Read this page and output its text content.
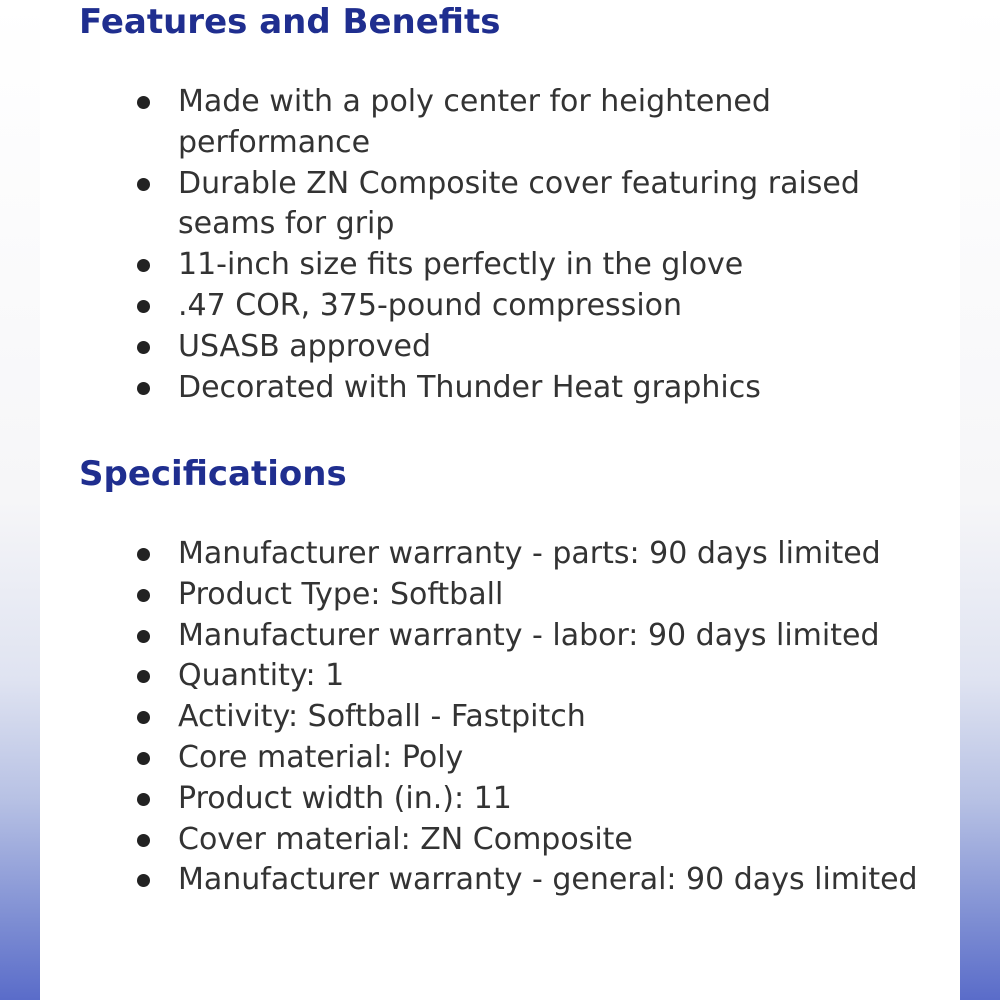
Features and Benefits
Made with a poly center for heightened performance
Durable ZN Composite cover featuring raised seams for grip
11-inch size fits perfectly in the glove
.47 COR, 375-pound compression
USASB approved
Decorated with Thunder Heat graphics
Specifications
Manufacturer warranty - parts: 90 days limited
Product Type: Softball
Manufacturer warranty - labor: 90 days limited
Quantity: 1
Activity: Softball - Fastpitch
Core material: Poly
Product width (in.): 11
Cover material: ZN Composite
Manufacturer warranty - general: 90 days limited
